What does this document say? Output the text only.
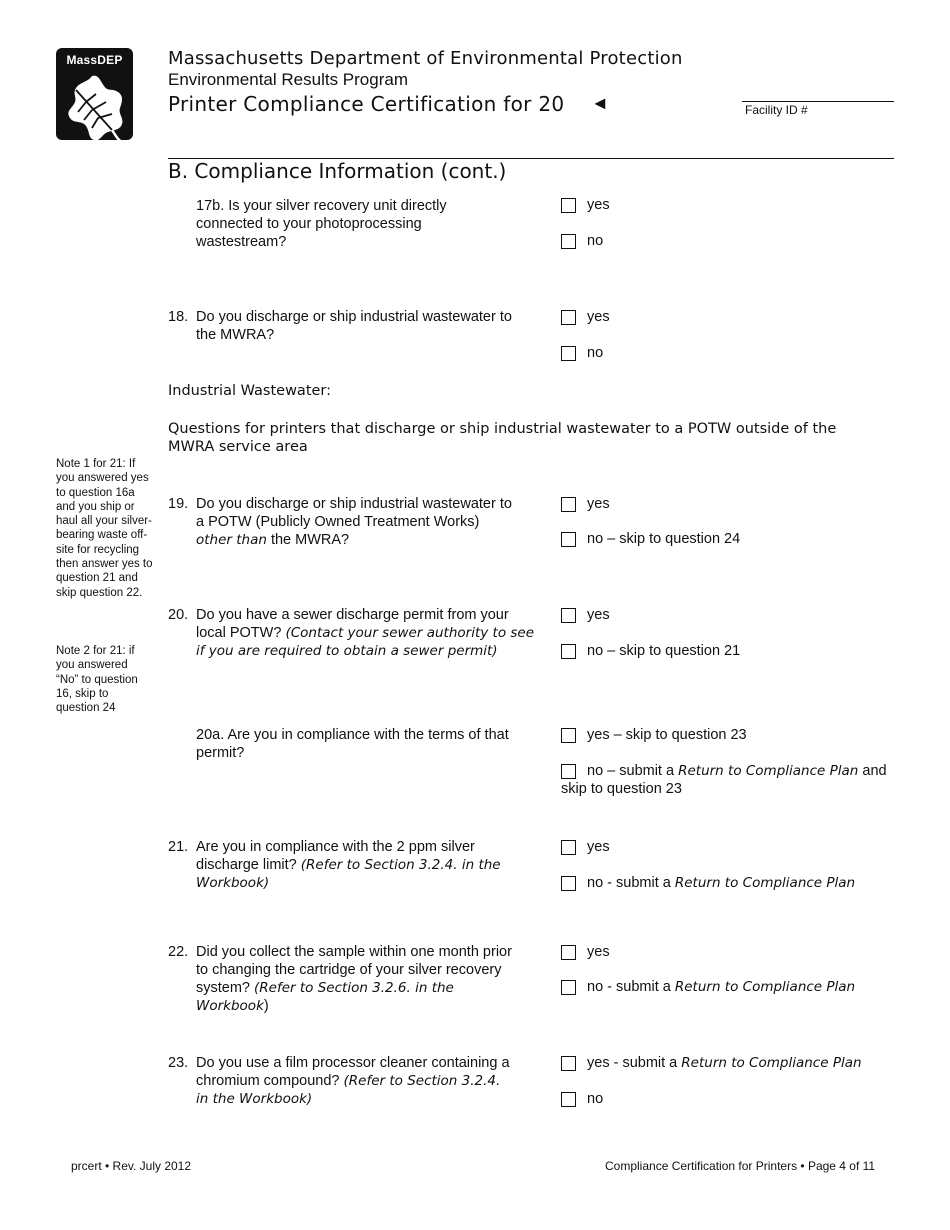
MassDEP	Massachusetts Department of Environmental Protection
Environmental Results Program
Printer Compliance Certification for 20 ◄	Facility ID #
B. Compliance Information (cont.)
17b. Is your silver recovery unit directly connected to your photoprocessing wastestream?
yes
no
18. Do you discharge or ship industrial wastewater to the MWRA?
yes
no
Industrial Wastewater:
Questions for printers that discharge or ship industrial wastewater to a POTW outside of the MWRA service area
Note 1 for 21: If you answered yes to question 16a and you ship or haul all your silver-bearing waste off-site for recycling then answer yes to question 21 and skip question 22.
Note 2 for 21: if you answered “No” to question 16, skip to question 24
19. Do you discharge or ship industrial wastewater to a POTW (Publicly Owned Treatment Works) other than the MWRA?
yes
no – skip to question 24
20. Do you have a sewer discharge permit from your local POTW? (Contact your sewer authority to see if you are required to obtain a sewer permit)
yes
no – skip to question 21
20a. Are you in compliance with the terms of that permit?
yes – skip to question 23
no – submit a Return to Compliance Plan and skip to question 23
21. Are you in compliance with the 2 ppm silver discharge limit? (Refer to Section 3.2.4. in the Workbook)
yes
no - submit a Return to Compliance Plan
22. Did you collect the sample within one month prior to changing the cartridge of your silver recovery system? (Refer to Section 3.2.6. in the Workbook)
yes
no - submit a Return to Compliance Plan
23. Do you use a film processor cleaner containing a chromium compound? (Refer to Section 3.2.4. in the Workbook)
yes - submit a Return to Compliance Plan
no
prcert • Rev. July 2012	Compliance Certification for Printers • Page 4 of 11
